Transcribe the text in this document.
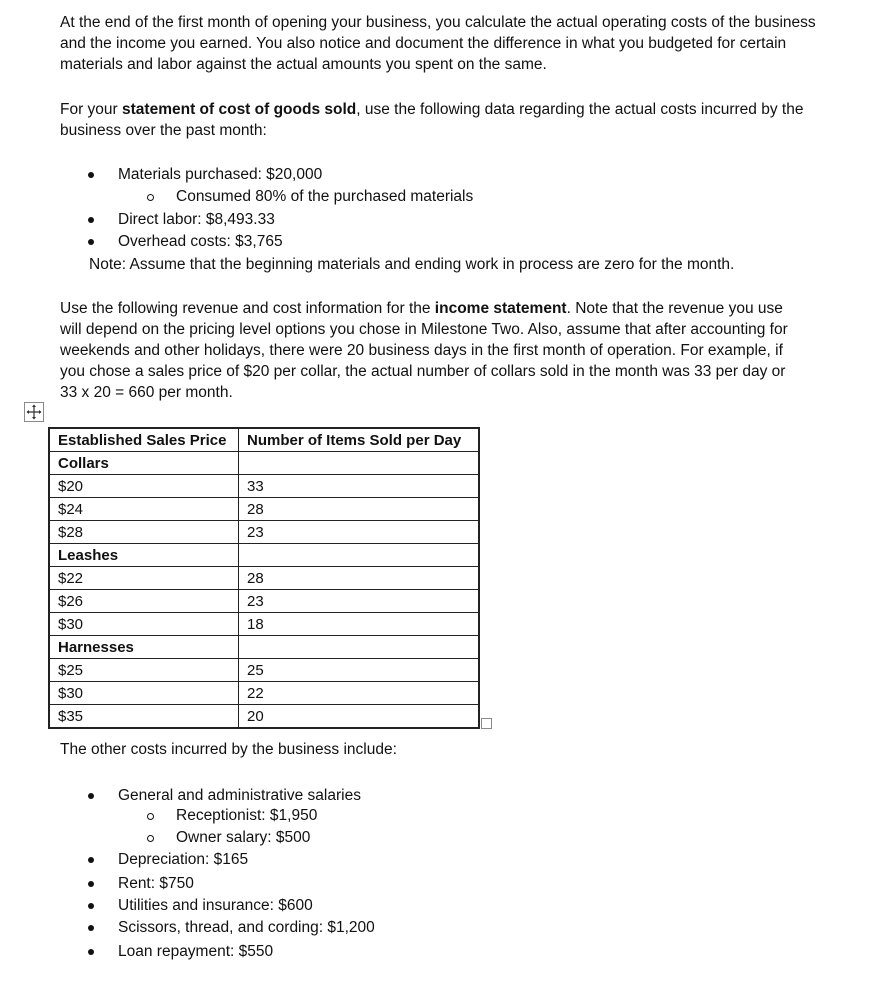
At the end of the first month of opening your business, you calculate the actual operating costs of the business and the income you earned. You also notice and document the difference in what you budgeted for certain materials and labor against the actual amounts you spent on the same.

For your statement of cost of goods sold, use the following data regarding the actual costs incurred by the business over the past month:

Materials purchased: $20,000
Consumed 80% of the purchased materials
Direct labor: $8,493.33
Overhead costs: $3,765
Note: Assume that the beginning materials and ending work in process are zero for the month.

Use the following revenue and cost information for the income statement. Note that the revenue you use will depend on the pricing level options you chose in Milestone Two. Also, assume that after accounting for weekends and other holidays, there were 20 business days in the first month of operation. For example, if you chose a sales price of $20 per collar, the actual number of collars sold in the month was 33 per day or 33 x 20 = 660 per month.

Established Sales Price	Number of Items Sold per Day
Collars	
$20	33
$24	28
$28	23
Leashes	
$22	28
$26	23
$30	18
Harnesses	
$25	25
$30	22
$35	20

The other costs incurred by the business include:

General and administrative salaries
Receptionist: $1,950
Owner salary: $500
Depreciation: $165
Rent: $750
Utilities and insurance: $600
Scissors, thread, and cording: $1,200
Loan repayment: $550
